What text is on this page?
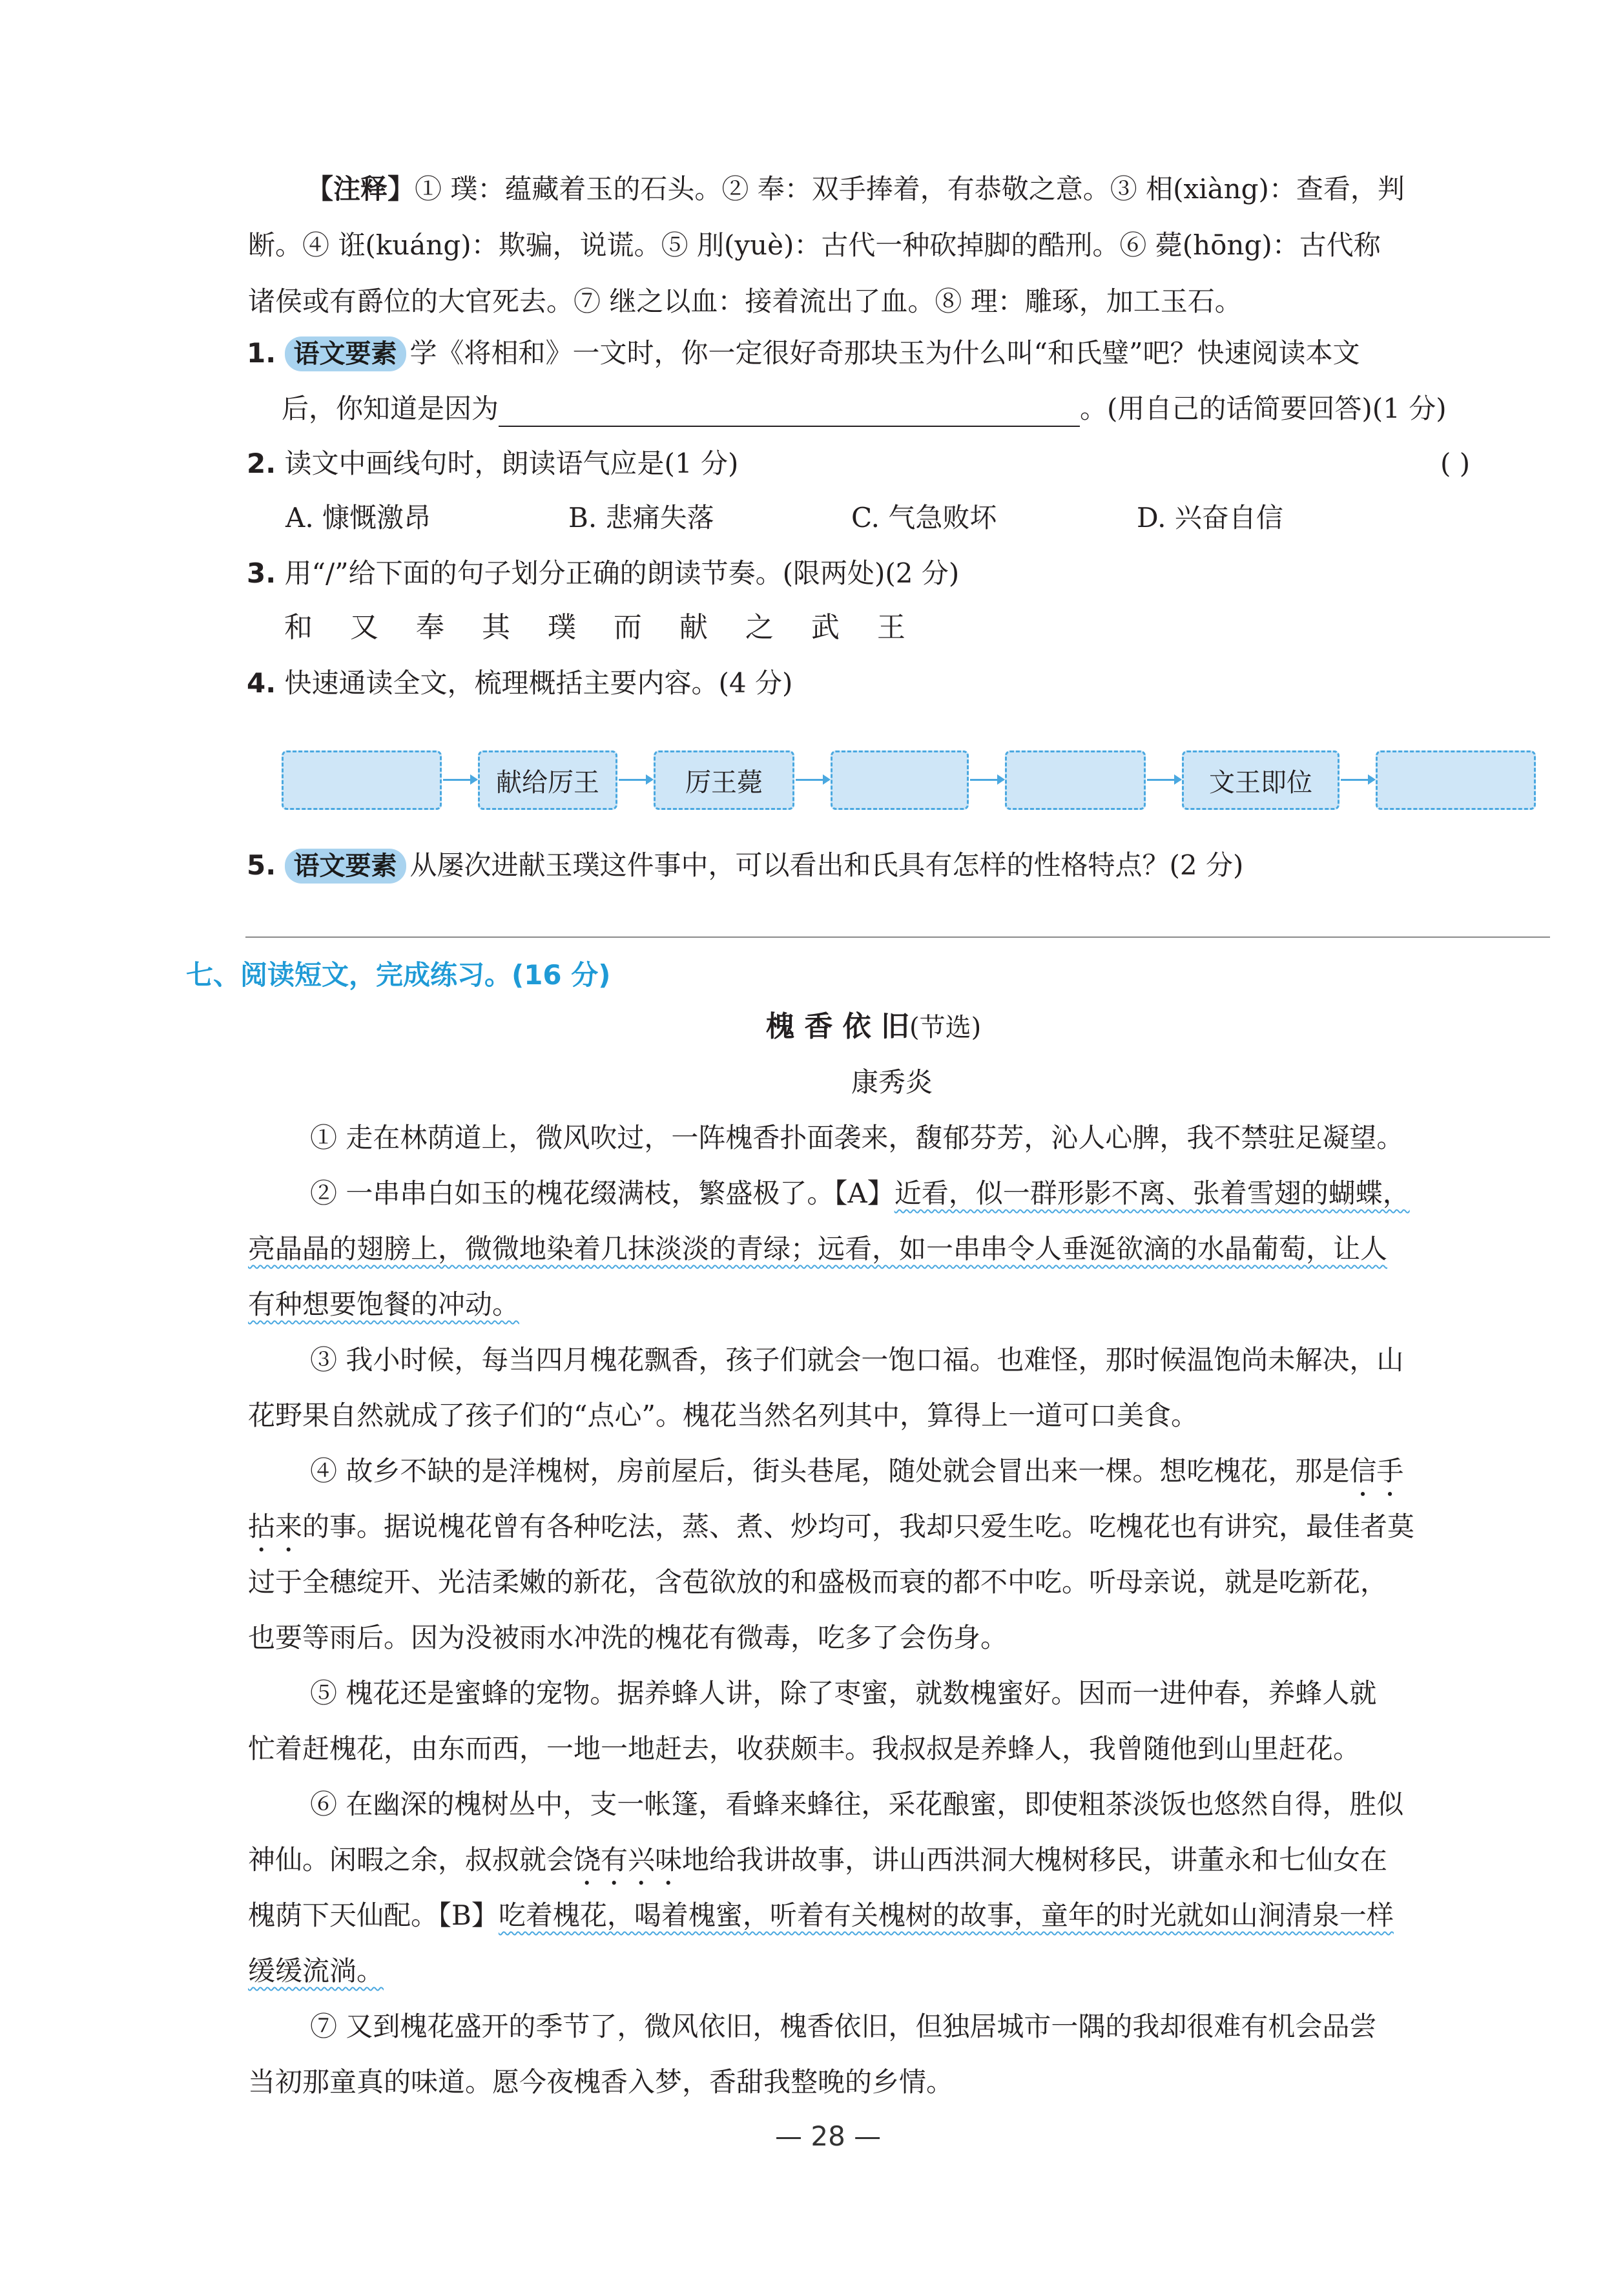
【注释】① 璞：蕴藏着玉的石头。② 奉：双手捧着，有恭敬之意。③ 相(xiàng)：查看，判
断。④ 诳(kuáng)：欺骗，说谎。⑤ 刖(yuè)：古代一种砍掉脚的酷刑。⑥ 薨(hōng)：古代称
诸侯或有爵位的大官死去。⑦ 继之以血：接着流出了血。⑧ 理：雕琢，加工玉石。
1. 语文要素 学《将相和》一文时，你一定很好奇那块玉为什么叫“和氏璧”吧？快速阅读本文
后，你知道是因为	。(用自己的话简要回答)(1 分)
2. 读文中画线句时，朗读语气应是(1 分)	( )
A. 慷慨激昂	B. 悲痛失落	C. 气急败坏	D. 兴奋自信
3. 用“/”给下面的句子划分正确的朗读节奏。(限两处)(2 分)
和 又 奉 其 璞 而 献 之 武 王
4. 快速通读全文，梳理概括主要内容。(4 分)
献给厉王	厉王薨	文王即位
5. 语文要素 从屡次进献玉璞这件事中，可以看出和氏具有怎样的性格特点？(2 分)
七、阅读短文，完成练习。(16 分)
槐 香 依 旧(节选)
康秀炎
① 走在林荫道上，微风吹过，一阵槐香扑面袭来，馥郁芬芳，沁人心脾，我不禁驻足凝望。
② 一串串白如玉的槐花缀满枝，繁盛极了。【A】近看，似一群形影不离、张着雪翅的蝴蝶，
亮晶晶的翅膀上，微微地染着几抹淡淡的青绿；远看，如一串串令人垂涎欲滴的水晶葡萄，让人
有种想要饱餐的冲动。
③ 我小时候，每当四月槐花飘香，孩子们就会一饱口福。也难怪，那时候温饱尚未解决，山
花野果自然就成了孩子们的“点心”。槐花当然名列其中，算得上一道可口美食。
④ 故乡不缺的是洋槐树，房前屋后，街头巷尾，随处就会冒出来一棵。想吃槐花，那是信手
拈来的事。据说槐花曾有各种吃法，蒸、煮、炒均可，我却只爱生吃。吃槐花也有讲究，最佳者莫
过于全穗绽开、光洁柔嫩的新花，含苞欲放的和盛极而衰的都不中吃。听母亲说，就是吃新花，
也要等雨后。因为没被雨水冲洗的槐花有微毒，吃多了会伤身。
⑤ 槐花还是蜜蜂的宠物。据养蜂人讲，除了枣蜜，就数槐蜜好。因而一进仲春，养蜂人就
忙着赶槐花，由东而西，一地一地赶去，收获颇丰。我叔叔是养蜂人，我曾随他到山里赶花。
⑥ 在幽深的槐树丛中，支一帐篷，看蜂来蜂往，采花酿蜜，即使粗茶淡饭也悠然自得，胜似
神仙。闲暇之余，叔叔就会饶有兴味地给我讲故事，讲山西洪洞大槐树移民，讲董永和七仙女在
槐荫下天仙配。【B】吃着槐花，喝着槐蜜，听着有关槐树的故事，童年的时光就如山涧清泉一样
缓缓流淌。
⑦ 又到槐花盛开的季节了，微风依旧，槐香依旧，但独居城市一隅的我却很难有机会品尝
当初那童真的味道。愿今夜槐香入梦，香甜我整晚的乡情。
— 28 —
